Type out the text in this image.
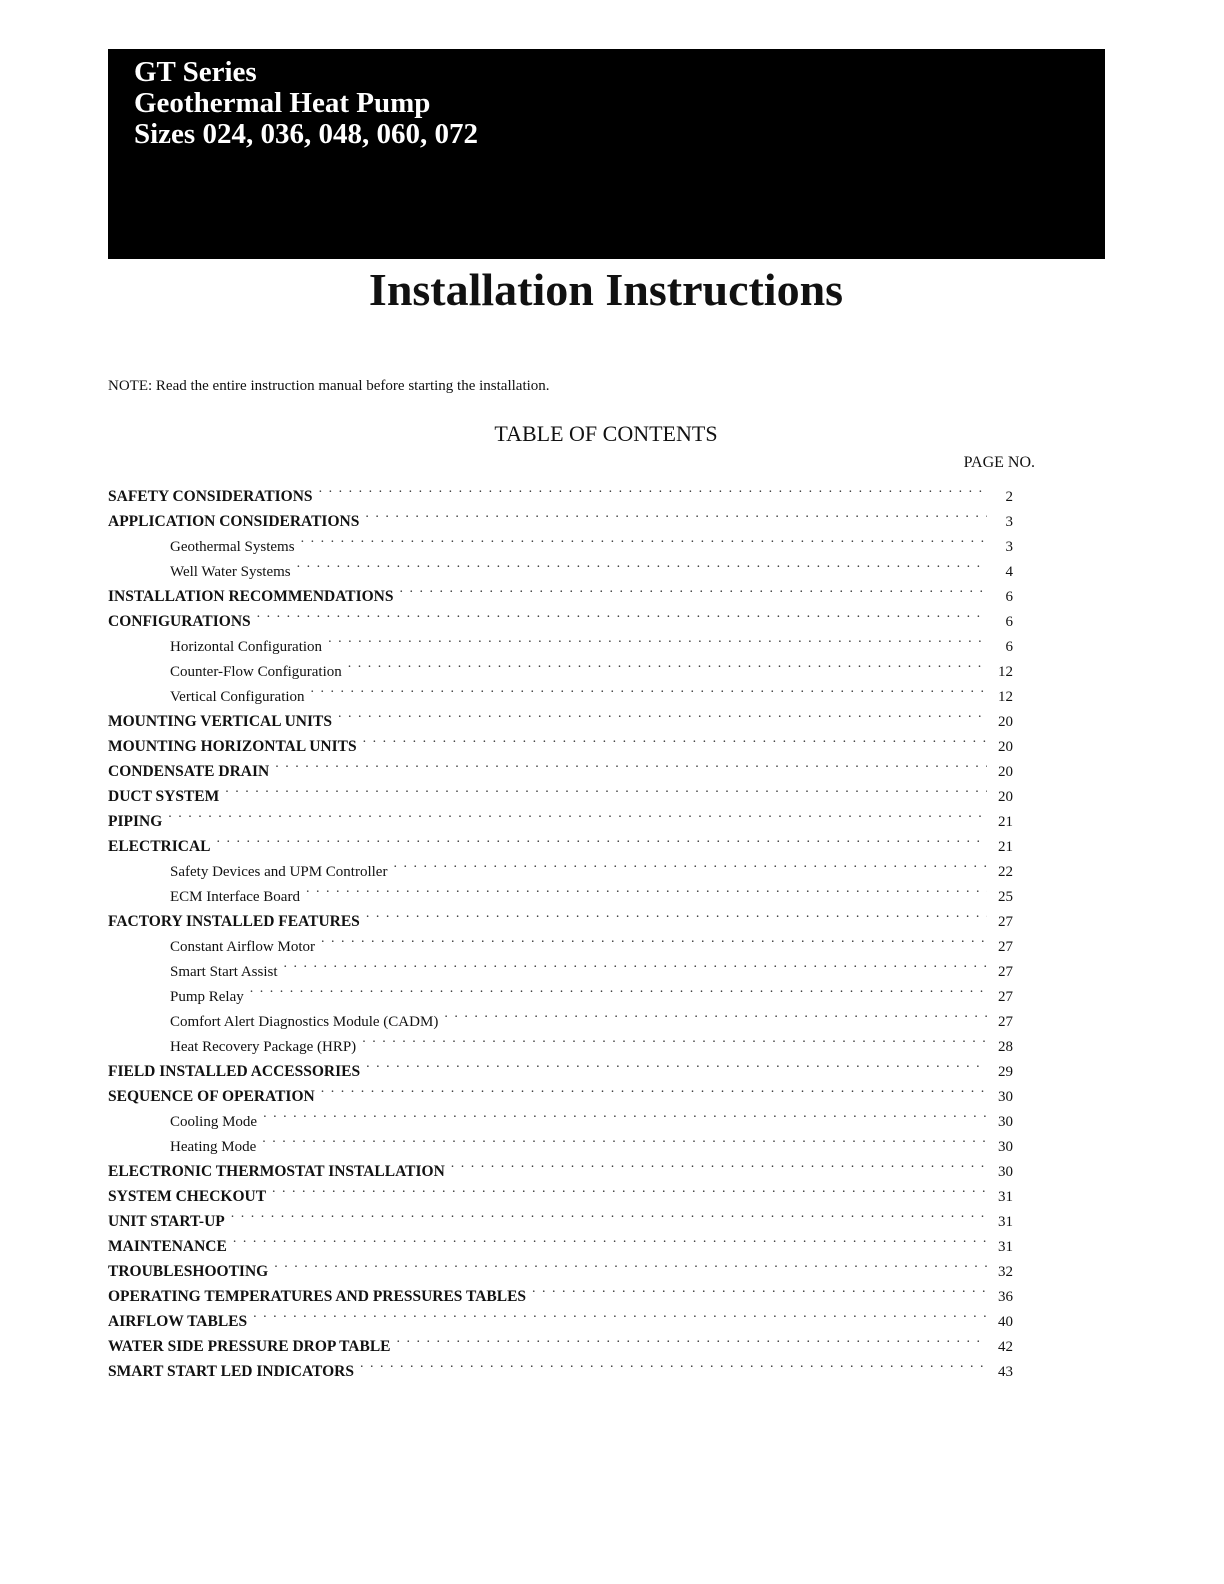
GT Series
Geothermal Heat Pump
Sizes 024, 036, 048, 060, 072
Installation Instructions
NOTE: Read the entire instruction manual before starting the installation.
TABLE OF CONTENTS
PAGE NO.
SAFETY CONSIDERATIONS . . .	2
APPLICATION CONSIDERATIONS . . .	3
Geothermal Systems . . .	3
Well Water Systems . . .	4
INSTALLATION RECOMMENDATIONS . . .	6
CONFIGURATIONS . . .	6
Horizontal Configuration . . .	6
Counter-Flow Configuration . . .	12
Vertical Configuration . . .	12
MOUNTING VERTICAL UNITS . . .	20
MOUNTING HORIZONTAL UNITS . . .	20
CONDENSATE DRAIN . . .	20
DUCT SYSTEM . . .	20
PIPING . . .	21
ELECTRICAL . . .	21
Safety Devices and UPM Controller . . .	22
ECM Interface Board . . .	25
FACTORY INSTALLED FEATURES . . .	27
Constant Airflow Motor . . .	27
Smart Start Assist . . .	27
Pump Relay . . .	27
Comfort Alert Diagnostics Module (CADM) . . .	27
Heat Recovery Package (HRP) . . .	28
FIELD INSTALLED ACCESSORIES . . .	29
SEQUENCE OF OPERATION . . .	30
Cooling Mode . . .	30
Heating Mode . . .	30
ELECTRONIC THERMOSTAT INSTALLATION . . .	30
SYSTEM CHECKOUT . . .	31
UNIT START-UP . . .	31
MAINTENANCE . . .	31
TROUBLESHOOTING . . .	32
OPERATING TEMPERATURES AND PRESSURES TABLES . . .	36
AIRFLOW TABLES . . .	40
WATER SIDE PRESSURE DROP TABLE . . .	42
SMART START LED INDICATORS . . .	43
